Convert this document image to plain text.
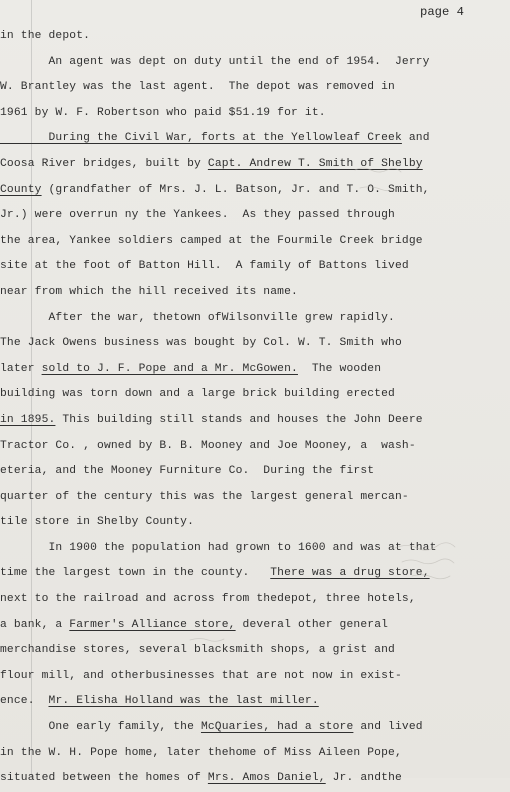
page 4
in the depot.
An agent was dept on duty until the end of 1954.  Jerry
W. Brantley was the last agent.  The depot was removed in
1961 by W. F. Robertson who paid $51.19 for it.
During the Civil War, forts at the Yellowleaf Creek and
Coosa River bridges, built by Capt. Andrew T. Smith of Shelby
County (grandfather of Mrs. J. L. Batson, Jr. and T. O. Smith,
Jr.) were overrun ny the Yankees.  As they passed through
the area, Yankee soldiers camped at the Fourmile Creek bridge
site at the foot of Batton Hill.  A family of Battons lived
near from which the hill received its name.
After the war, thetown ofWilsonville grew rapidly.
The Jack Owens business was bought by Col. W. T. Smith who
later sold to J. F. Pope and a Mr. McGowen.  The wooden
building was torn down and a large brick building erected
in 1895. This building still stands and houses the John Deere
Tractor Co. , owned by B. B. Mooney and Joe Mooney, a  wash-
eteria, and the Mooney Furniture Co.  During the first
quarter of the century this was the largest general mercan-
tile store in Shelby County.
In 1900 the population had grown to 1600 and was at that
time the largest town in the county.   There was a drug store,
next to the railroad and across from thedepot, three hotels,
a bank, a Farmer's Alliance store, deveral other general
merchandise stores, several blacksmith shops, a grist and
flour mill, and otherbusinesses that are not now in exist-
ence.  Mr. Elisha Holland was the last miller.
One early family, the McQuaries, had a store and lived
in the W. H. Pope home, later thehome of Miss Aileen Pope,
situated between the homes of Mrs. Amos Daniel, Jr. andthe
